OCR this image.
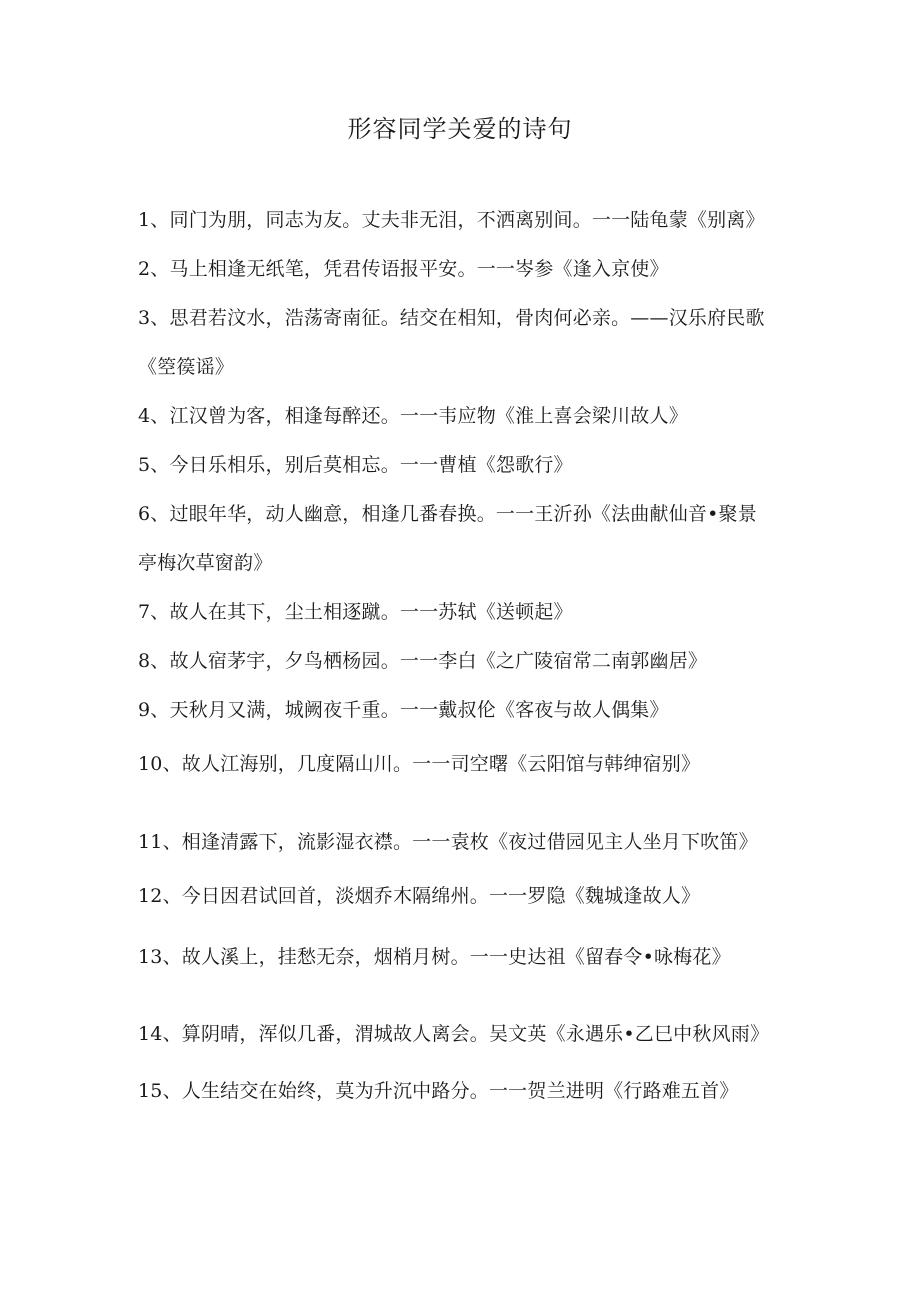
形容同学关爱的诗句
1、同门为朋，同志为友。丈夫非无泪，不洒离别间。一一陆龟蒙《别离》
2、马上相逢无纸笔，凭君传语报平安。一一岑参《逢入京使》
3、思君若汶水，浩荡寄南征。结交在相知，骨肉何必亲。——汉乐府民歌
《箜篌谣》
4、江汉曾为客，相逢每醉还。一一韦应物《淮上喜会梁川故人》
5、今日乐相乐，别后莫相忘。一一曹植《怨歌行》
6、过眼年华，动人幽意，相逢几番春换。一一王沂孙《法曲献仙音•聚景
亭梅次草窗韵》
7、故人在其下，尘土相逐蹴。一一苏轼《送顿起》
8、故人宿茅宇，夕鸟栖杨园。一一李白《之广陵宿常二南郭幽居》
9、天秋月又满，城阙夜千重。一一戴叔伦《客夜与故人偶集》
10、故人江海别，几度隔山川。一一司空曙《云阳馆与韩绅宿别》
11、相逢清露下，流影湿衣襟。一一袁枚《夜过借园见主人坐月下吹笛》
12、今日因君试回首，淡烟乔木隔绵州。一一罗隐《魏城逢故人》
13、故人溪上，挂愁无奈，烟梢月树。一一史达祖《留春令•咏梅花》
14、算阴晴，浑似几番，渭城故人离会。吴文英《永遇乐•乙巳中秋风雨》
15、人生结交在始终，莫为升沉中路分。一一贺兰进明《行路难五首》
